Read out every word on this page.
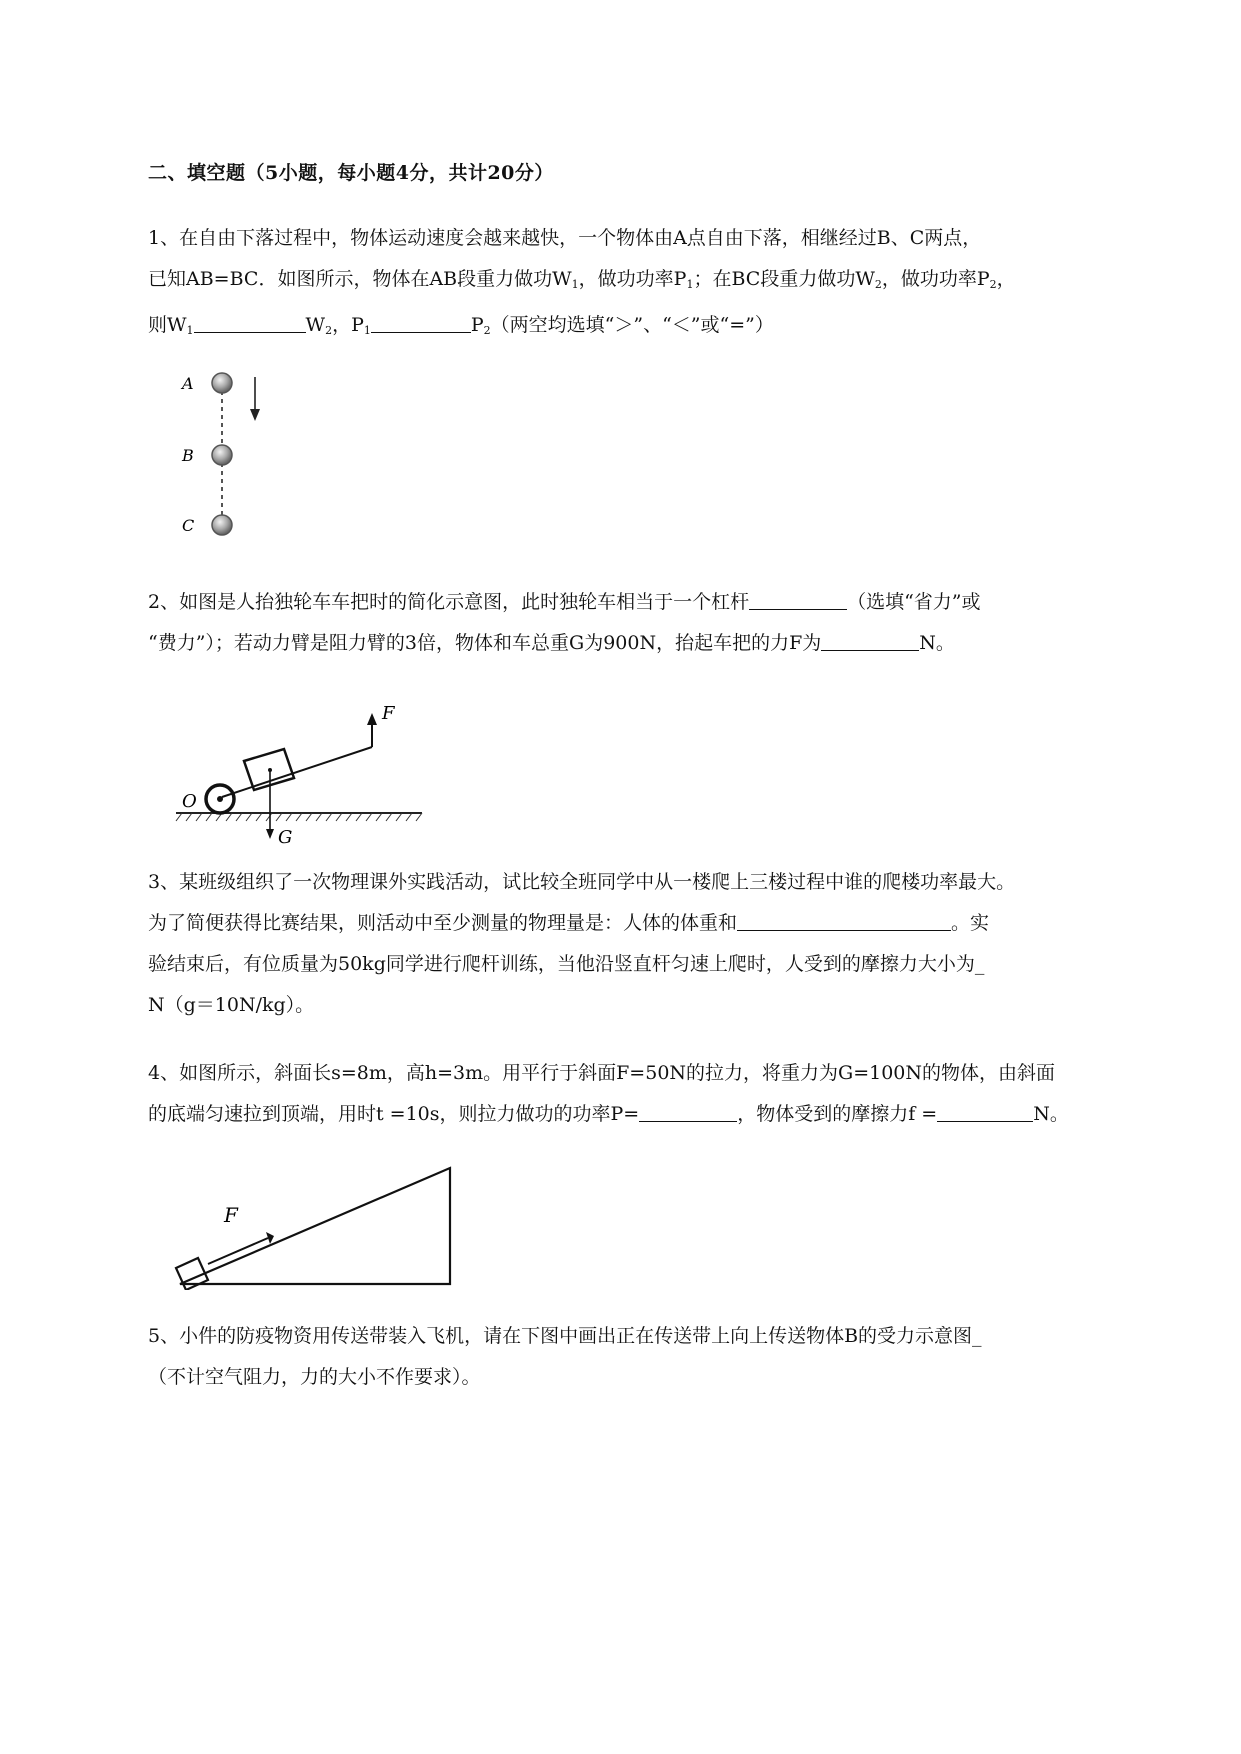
二、填空题（5小题，每小题4分，共计20分）
1、在自由下落过程中，物体运动速度会越来越快，一个物体由A点自由下落，相继经过B、C两点，
已知AB=BC．如图所示，物体在AB段重力做功$W_1$，做功功率$P_1$；在BC段重力做功$W_2$，做功功率$P_2$，
则$W_1$	$W_2$，$P_1$	$P_2$（两空均选填“＞”、“＜”或“=”）
A
B
C
2、如图是人抬独轮车车把时的简化示意图，此时独轮车相当于一个杠杆	（选填“省力”或
“费力”）；若动力臂是阻力臂的3倍，物体和车总重G为900N，抬起车把的力F为	N。
F
O
G
3、某班级组织了一次物理课外实践活动，试比较全班同学中从一楼爬上三楼过程中谁的爬楼功率最大。
为了简便获得比赛结果，则活动中至少测量的物理量是：人体的体重和	。实
验结束后，有位质量为50kg同学进行爬杆训练，当他沿竖直杆匀速上爬时，人受到的摩擦力大小为_
N（g＝10N/kg）。
4、如图所示，斜面长s=8m，高h=3m。用平行于斜面F=50N的拉力，将重力为G=100N的物体，由斜面
的底端匀速拉到顶端，用时t =10s，则拉力做功的功率P=	，物体受到的摩擦力f =	N。
F
5、小件的防疫物资用传送带装入飞机，请在下图中画出正在传送带上向上传送物体B的受力示意图_
（不计空气阻力，力的大小不作要求）。
